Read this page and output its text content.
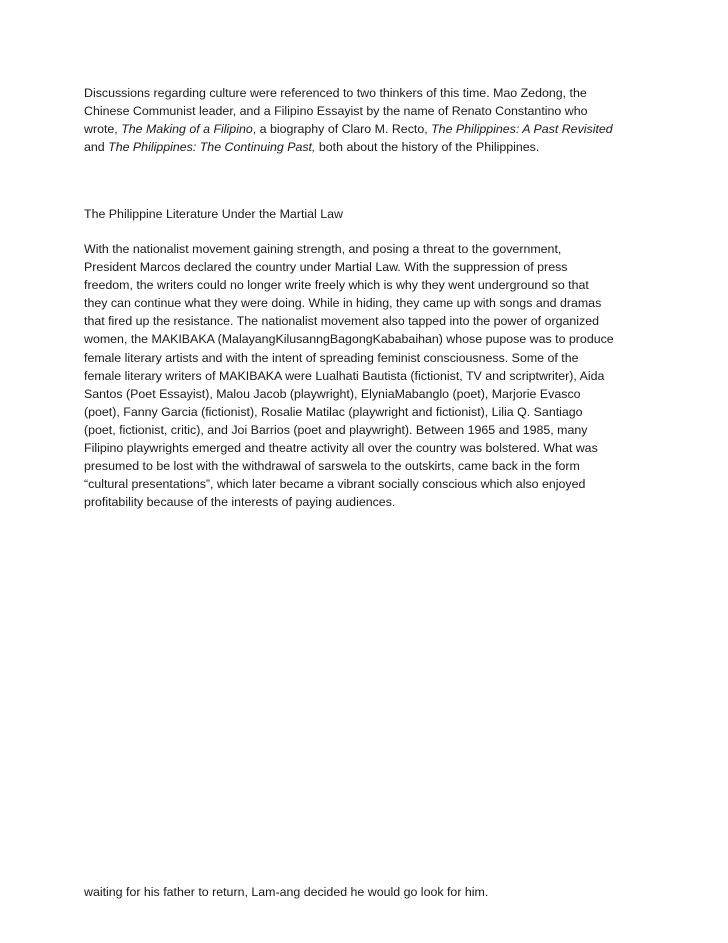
Discussions regarding culture were referenced to two thinkers of this time. Mao Zedong, the
Chinese Communist leader, and a Filipino Essayist by the name of Renato Constantino who
wrote, The Making of a Filipino, a biography of Claro M. Recto, The Philippines: A Past Revisited
and The Philippines: The Continuing Past, both about the history of the Philippines.
The Philippine Literature Under the Martial Law
With the nationalist movement gaining strength, and posing a threat to the government,
President Marcos declared the country under Martial Law. With the suppression of press
freedom, the writers could no longer write freely which is why they went underground so that
they can continue what they were doing. While in hiding, they came up with songs and dramas
that fired up the resistance. The nationalist movement also tapped into the power of organized
women, the MAKIBAKA (MalayangKilusanngBagongKababaihan) whose pupose was to produce
female literary artists and with the intent of spreading feminist consciousness. Some of the
female literary writers of MAKIBAKA were Lualhati Bautista (fictionist, TV and scriptwriter), Aida
Santos (Poet Essayist), Malou Jacob (playwright), ElyniaMabanglo (poet), Marjorie Evasco
(poet), Fanny Garcia (fictionist), Rosalie Matilac (playwright and fictionist), Lilia Q. Santiago
(poet, fictionist, critic), and Joi Barrios (poet and playwright). Between 1965 and 1985, many
Filipino playwrights emerged and theatre activity all over the country was bolstered. What was
presumed to be lost with the withdrawal of sarswela to the outskirts, came back in the form
“cultural presentations”, which later became a vibrant socially conscious which also enjoyed
profitability because of the interests of paying audiences.
waiting for his father to return, Lam-ang decided he would go look for him.
